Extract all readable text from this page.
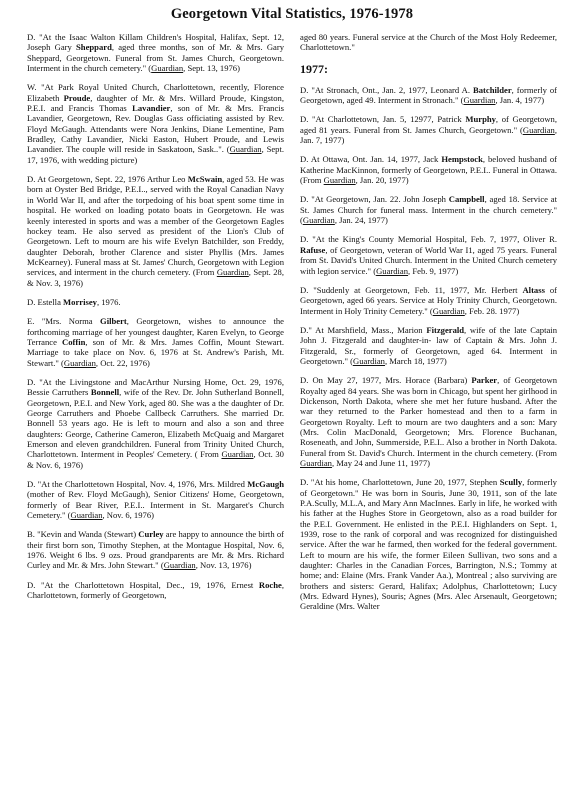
Georgetown Vital Statistics, 1976-1978
D. "At the Isaac Walton Killam Children's Hospital, Halifax, Sept. 12, Joseph Gary Sheppard, aged three months, son of Mr. & Mrs. Gary Sheppard, Georgetown. Funeral from St. James Church, Georgetown. Interment in the church cemetery." (Guardian, Sept. 13, 1976)
W. "At Park Royal United Church, Charlottetown, recently, Florence Elizabeth Proude, daughter of Mr. & Mrs. Willard Proude, Kingston, P.E.I. and Francis Thomas Lavandier, son of Mr. & Mrs. Francis Lavandier, Georgetown, Rev. Douglas Gass officiating assisted by Rev. Floyd McGaugh. Attendants were Nora Jenkins, Diane Lementine, Pam Bradley, Cathy Lavandier, Nicki Easton, Hubert Proude, and Lewis Lavandier. The couple will reside in Saskatoon, Sask..". (Guardian, Sept. 17, 1976, with wedding picture)
D. At Georgetown, Sept. 22, 1976 Arthur Leo McSwain, aged 53. He was born at Oyster Bed Bridge, P.E.I.., served with the Royal Canadian Navy in World War II, and after the torpedoing of his boat spent some time in hospital. He worked on loading potato boats in Georgetown. He was keenly interested in sports and was a member of the Georgetown Eagles hockey team. He also served as president of the Lion's Club of Georgetown. Left to mourn are his wife Evelyn Batchilder, son Freddy, daughter Deborah, brother Clarence and sister Phyllis (Mrs. James McKearney). Funeral mass at St. James' Church, Georgetown with Legion services, and interment in the church cemetery. (From Guardian, Sept. 28, & Nov. 3, 1976)
D. Estella Morrisey, 1976.
E. "Mrs. Norma Gilbert, Georgetown, wishes to announce the forthcoming marriage of her youngest daughter, Karen Evelyn, to George Terrance Coffin, son of Mr. & Mrs. James Coffin, Mount Stewart. Marriage to take place on Nov. 6, 1976 at St. Andrew's Parish, Mt. Stewart." (Guardian, Oct. 22, 1976)
D. "At the Livingstone and MacArthur Nursing Home, Oct. 29, 1976, Bessie Carruthers Bonnell, wife of the Rev. Dr. John Sutherland Bonnell, Georgetown, P.E.I. and New York, aged 80. She was a the daughter of Dr. George Carruthers and Phoebe Callbeck Carruthers. She married Dr. Bonnell 53 years ago. He is left to mourn and also a son and three daughters: George, Catherine Cameron, Elizabeth McQuaig and Margaret Emerson and eleven grandchildren. Funeral from Trinity United Church, Charlottetown. Interment in Peoples' Cemetery. ( From Guardian, Oct. 30 & Nov. 6, 1976)
D. "At the Charlottetown Hospital, Nov. 4, 1976, Mrs. Mildred McGaugh (mother of Rev. Floyd McGaugh), Senior Citizens' Home, Georgetown, formerly of Bear River, P.E.I.. Interment in St. Margaret's Church Cemetery." (Guardian, Nov. 6, 1976)
B. "Kevin and Wanda (Stewart) Curley are happy to announce the birth of their first born son, Timothy Stephen, at the Montague Hospital, Nov. 6, 1976. Weight 6 lbs. 9 ozs. Proud grandparents are Mr. & Mrs. Richard Curley and Mr. & Mrs. John Stewart." (Guardian, Nov. 13, 1976)
D. "At the Charlottetown Hospital, Dec., 19, 1976, Ernest Roche, Charlottetown, formerly of Georgetown,
aged 80 years. Funeral service at the Church of the Most Holy Redeemer, Charlottetown."
1977:
D. "At Stronach, Ont., Jan. 2, 1977, Leonard A. Batchilder, formerly of Georgetown, aged 49. Interment in Stronach." (Guardian, Jan. 4, 1977)
D. "At Charlottetown, Jan. 5, 12977, Patrick Murphy, of Georgetown, aged 81 years. Funeral from St. James Church, Georgetown." (Guardian, Jan. 7, 1977)
D. At Ottawa, Ont. Jan. 14, 1977, Jack Hempstock, beloved husband of Katherine MacKinnon, formerly of Georgetown, P.E.I.. Funeral in Ottawa. (From Guardian, Jan. 20, 1977)
D. "At Georgetown, Jan. 22. John Joseph Campbell, aged 18. Service at St. James Church for funeral mass. Interment in the church cemetery." (Guardian, Jan. 24, 1977)
D. "At the King's County Memorial Hospital, Feb. 7, 1977, Oliver R. Rafuse, of Georgetown, veteran of World War I1, aged 75 years. Funeral from St. David's United Church. Interment in the United Church cemetery with legion service." (Guardian, Feb. 9, 1977)
D. "Suddenly at Georgetown, Feb. 11, 1977, Mr. Herbert Altass of Georgetown, aged 66 years. Service at Holy Trinity Church, Georgetown. Interment in Holy Trinity Cemetery." (Guardian, Feb. 28. 1977)
D." At Marshfield, Mass., Marion Fitzgerald, wife of the late Captain John J. Fitzgerald and daughter-in- law of Captain & Mrs. John J. Fitzgerald, Sr., formerly of Georgetown, aged 64. Interment in Georgetown." (Guardian, March 18, 1977)
D. On May 27, 1977, Mrs. Horace (Barbara) Parker, of Georgetown Royalty aged 84 years. She was born in Chicago, but spent her girlhood in Dickenson, North Dakota, where she met her future husband. After the war they returned to the Parker homestead and then to a farm in Georgetown Royalty. Left to mourn are two daughters and a son: Mary (Mrs. Colin MacDonald, Georgetown; Mrs. Florence Buchanan, Roseneath, and John, Summerside, P.E.I.. Also a brother in North Dakota. Funeral from St. David's Church. Interment in the church cemetery. (From Guardian, May 24 and June 11, 1977)
D. "At his home, Charlottetown, June 20, 1977, Stephen Scully, formerly of Georgetown." He was born in Souris, June 30, 1911, son of the late P.A.Scully, M.L.A, and Mary Ann MacInnes. Early in life, he worked with his father at the Hughes Store in Georgetown, also as a road builder for the P.E.I. Government. He enlisted in the P.E.I. Highlanders on Sept. 1, 1939, rose to the rank of corporal and was recognized for distinguished service. After the war he farmed, then worked for the federal government. Left to mourn are his wife, the former Eileen Sullivan, two sons and a daughter: Charles in the Canadian Forces, Barrington, N.S.; Tommy at home; and: Elaine (Mrs. Frank Vander Aa.), Montreal ; also surviving are brothers and sisters: Gerard, Halifax; Adolphus, Charlottetown; Lucy (Mrs. Edward Hynes), Souris; Agnes (Mrs. Alec Arsenault, Georgetown; Geraldine (Mrs. Walter
